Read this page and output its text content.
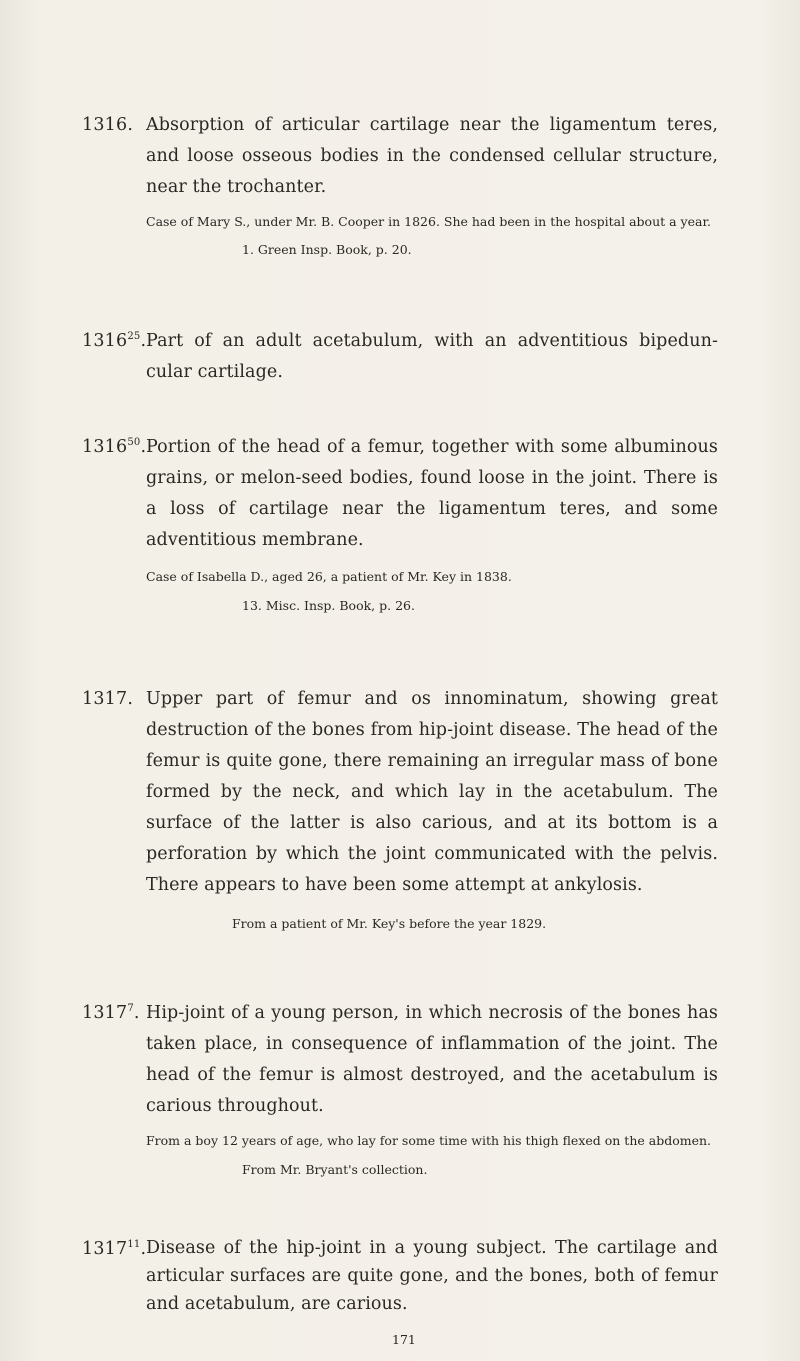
1316. Absorption of articular cartilage near the ligamentum teres, and loose osseous bodies in the condensed cellular structure, near the trochanter.
Case of Mary S., under Mr. B. Cooper in 1826. She had been in the hospital about a year.
1. Green Insp. Book, p. 20.
1316$^{25}$. Part of an adult acetabulum, with an adventitious bipedun-cular cartilage.
1316$^{50}$. Portion of the head of a femur, together with some albuminous grains, or melon-seed bodies, found loose in the joint. There is a loss of cartilage near the ligamentum teres, and some adventitious membrane.
Case of Isabella D., aged 26, a patient of Mr. Key in 1838.
13. Misc. Insp. Book, p. 26.
1317. Upper part of femur and os innominatum, showing great destruction of the bones from hip-joint disease. The head of the femur is quite gone, there remaining an irregular mass of bone formed by the neck, and which lay in the acetabulum. The surface of the latter is also carious, and at its bottom is a perforation by which the joint communicated with the pelvis. There appears to have been some attempt at ankylosis.
From a patient of Mr. Key's before the year 1829.
1317$^7$. Hip-joint of a young person, in which necrosis of the bones has taken place, in consequence of inflammation of the joint. The head of the femur is almost destroyed, and the acetabulum is carious throughout.
From a boy 12 years of age, who lay for some time with his thigh flexed on the abdomen.
From Mr. Bryant's collection.
1317$^{11}$. Disease of the hip-joint in a young subject. The cartilage and articular surfaces are quite gone, and the bones, both of femur and acetabulum, are carious.
171
